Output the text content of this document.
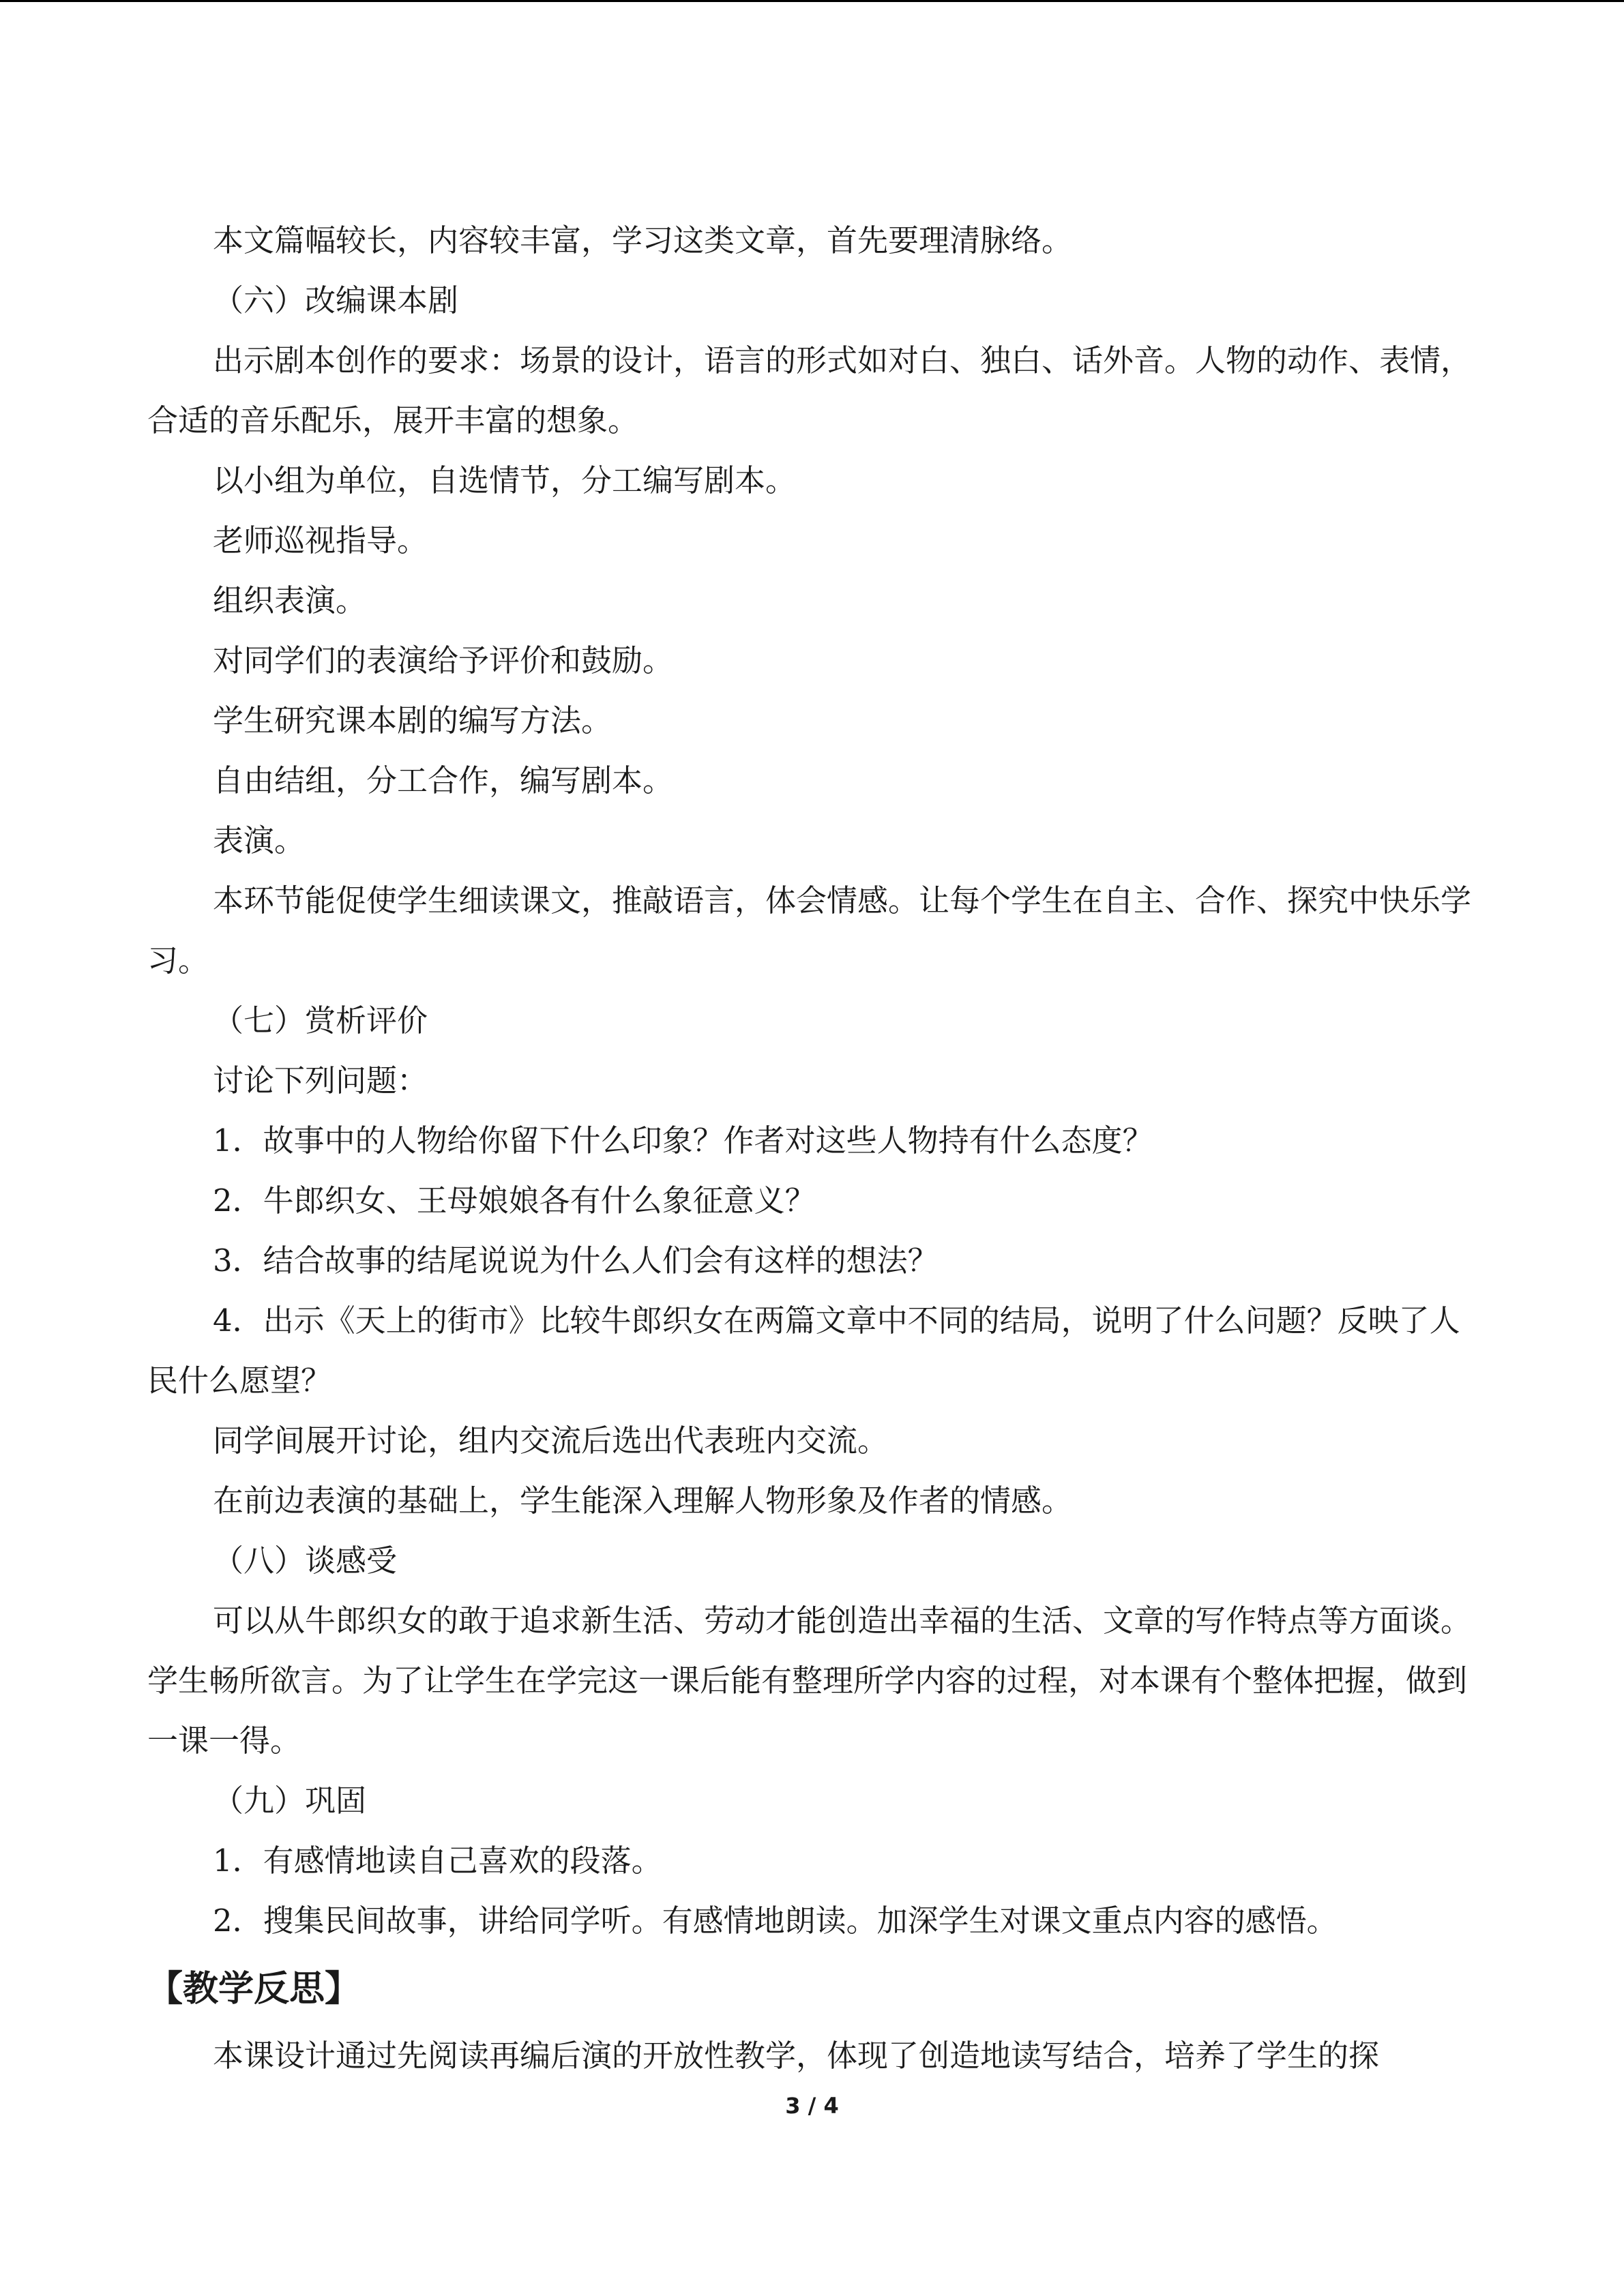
本文篇幅较长，内容较丰富，学习这类文章，首先要理清脉络。

（六）改编课本剧

出示剧本创作的要求：场景的设计，语言的形式如对白、独白、话外音。人物的动作、表情，合适的音乐配乐，展开丰富的想象。

以小组为单位，自选情节，分工编写剧本。

老师巡视指导。

组织表演。

对同学们的表演给予评价和鼓励。

学生研究课本剧的编写方法。

自由结组，分工合作，编写剧本。

表演。

本环节能促使学生细读课文，推敲语言，体会情感。让每个学生在自主、合作、探究中快乐学习。

（七）赏析评价

讨论下列问题：

1．故事中的人物给你留下什么印象？作者对这些人物持有什么态度？

2．牛郎织女、王母娘娘各有什么象征意义？

3．结合故事的结尾说说为什么人们会有这样的想法？

4．出示《天上的街市》比较牛郎织女在两篇文章中不同的结局，说明了什么问题？反映了人民什么愿望？

同学间展开讨论，组内交流后选出代表班内交流。

在前边表演的基础上，学生能深入理解人物形象及作者的情感。

（八）谈感受

可以从牛郎织女的敢于追求新生活、劳动才能创造出幸福的生活、文章的写作特点等方面谈。学生畅所欲言。为了让学生在学完这一课后能有整理所学内容的过程，对本课有个整体把握，做到一课一得。

（九）巩固

1．有感情地读自己喜欢的段落。

2．搜集民间故事，讲给同学听。有感情地朗读。加深学生对课文重点内容的感悟。

【教学反思】

本课设计通过先阅读再编后演的开放性教学，体现了创造地读写结合，培养了学生的探

3 / 4
